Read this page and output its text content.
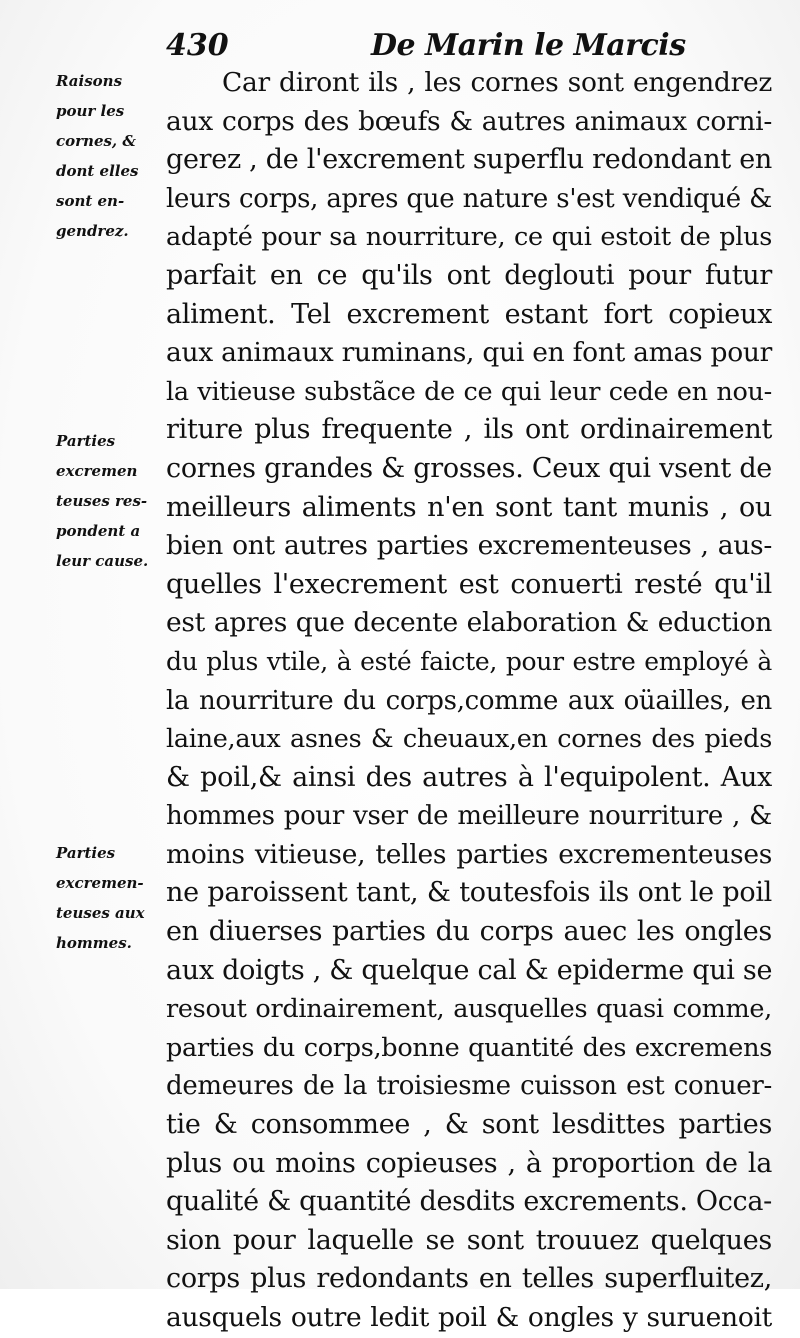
430	De Marin le Marcis
Raisons
pour les
cornes, &
dont elles
sont en-
gendrez.
Parties
excremen
teuses res-
pondent a
leur cause.
Parties
excremen-
teuses aux
hommes.
Car diront ils , les cornes sont engendrez
aux corps des bœufs & autres animaux corni-
gerez , de l'excrement superflu redondant en
leurs corps, apres que nature s'est vendiqué &
adapté pour sa nourriture, ce qui estoit de plus
parfait en ce qu'ils ont deglouti pour futur
aliment. Tel excrement estant fort copieux
aux animaux ruminans, qui en font amas pour
la vitieuse substãce de ce qui leur cede en nou-
riture plus frequente , ils ont ordinairement
cornes grandes & grosses. Ceux qui vsent de
meilleurs aliments n'en sont tant munis , ou
bien ont autres parties excrementeuses , aus-
quelles l'execrement est conuerti resté qu'il
est apres que decente elaboration & eduction
du plus vtile, à esté faicte, pour estre employé à
la nourriture du corps,comme aux oüailles, en
laine,aux asnes & cheuaux,en cornes des pieds
& poil,& ainsi des autres à l'equipolent. Aux
hommes pour vser de meilleure nourriture , &
moins vitieuse, telles parties excrementeuses
ne paroissent tant, & toutesfois ils ont le poil
en diuerses parties du corps auec les ongles
aux doigts , & quelque cal & epiderme qui se
resout ordinairement, ausquelles quasi comme,
parties du corps,bonne quantité des excremens
demeures de la troisiesme cuisson est conuer-
tie & consommee , & sont lesdittes parties
plus ou moins copieuses , à proportion de la
qualité & quantité desdits excrements. Occa-
sion pour laquelle se sont trouuez quelques
corps plus redondants en telles superfluitez,
ausquels outre ledit poil & ongles y suruenoit
